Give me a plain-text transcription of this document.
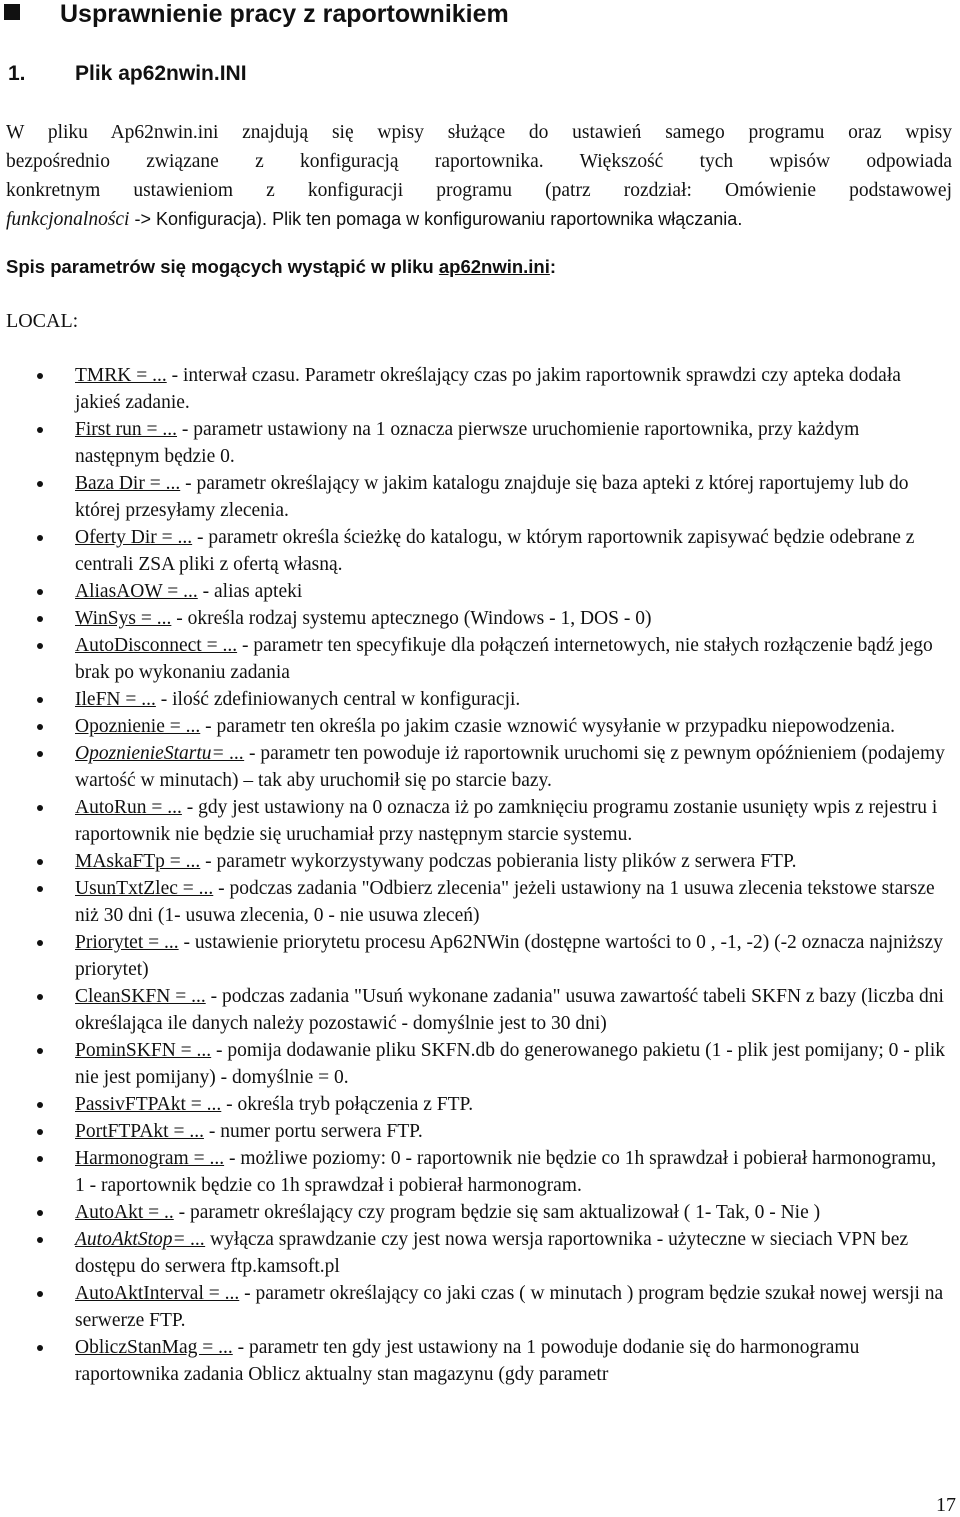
Usprawnienie pracy z raportownikiem
1. Plik ap62nwin.INI
W pliku Ap62nwin.ini znajdują się wpisy służące do ustawień samego programu oraz wpisy
bezpośrednio związane z konfiguracją raportownika. Większość tych wpisów odpowiada
konkretnym ustawieniom z konfiguracji programu (patrz rozdział: Omówienie podstawowej
funkcjonalności -> Konfiguracja). Plik ten pomaga w konfigurowaniu raportownika włączania.
Spis parametrów się mogących wystąpić w pliku ap62nwin.ini:
LOCAL:
TMRK = ... - interwał czasu. Parametr określający czas po jakim raportownik sprawdzi czy apteka dodała jakieś zadanie.
First run = ... - parametr ustawiony na 1 oznacza pierwsze uruchomienie raportownika, przy każdym następnym będzie 0.
Baza Dir = ... - parametr określający w jakim katalogu znajduje się baza apteki z której raportujemy lub do której przesyłamy zlecenia.
Oferty Dir = ... - parametr określa ścieżkę do katalogu, w którym raportownik zapisywać będzie odebrane z centrali ZSA pliki z ofertą własną.
AliasAOW = ... - alias apteki
WinSys = ... - określa rodzaj systemu aptecznego (Windows - 1, DOS - 0)
AutoDisconnect = ... - parametr ten specyfikuje dla połączeń internetowych, nie stałych rozłączenie bądź jego brak po wykonaniu zadania
IleFN = ... - ilość zdefiniowanych central w konfiguracji.
Opoznienie = ... - parametr ten określa po jakim czasie wznowić wysyłanie w przypadku niepowodzenia.
OpoznienieStartu= ... - parametr ten powoduje iż raportownik uruchomi się z pewnym opóźnieniem (podajemy wartość w minutach) – tak aby uruchomił się po starcie bazy.
AutoRun = ... - gdy jest ustawiony na 0 oznacza iż po zamknięciu programu zostanie usunięty wpis z rejestru i raportownik nie będzie się uruchamiał przy następnym starcie systemu.
MAskaFTp = ... - parametr wykorzystywany podczas pobierania listy plików z serwera FTP.
UsunTxtZlec = ... - podczas zadania "Odbierz zlecenia" jeżeli ustawiony na 1 usuwa zlecenia tekstowe starsze niż 30 dni (1- usuwa zlecenia, 0 - nie usuwa zleceń)
Priorytet = ... - ustawienie priorytetu procesu Ap62NWin (dostępne wartości to 0 , -1, -2) (-2 oznacza najniższy priorytet)
CleanSKFN = ... - podczas zadania "Usuń wykonane zadania" usuwa zawartość tabeli SKFN z bazy (liczba dni określająca ile danych należy pozostawić - domyślnie jest to 30 dni)
PominSKFN = ... - pomija dodawanie pliku SKFN.db do generowanego pakietu (1 - plik jest pomijany; 0 - plik nie jest pomijany) - domyślnie = 0.
PassivFTPAkt = ... - określa tryb połączenia z FTP.
PortFTPAkt = ... - numer portu serwera FTP.
Harmonogram = ... - możliwe poziomy: 0 - raportownik nie będzie co 1h sprawdzał i pobierał harmonogramu, 1 - raportownik będzie co 1h sprawdzał i pobierał harmonogram.
AutoAkt = .. - parametr określający czy program będzie się sam aktualizował ( 1- Tak, 0 - Nie )
AutoAktStop= ... wyłącza sprawdzanie czy jest nowa wersja raportownika - użyteczne w sieciach VPN bez dostępu do serwera ftp.kamsoft.pl
AutoAktInterval = ... - parametr określający co jaki czas ( w minutach ) program będzie szukał nowej wersji na serwerze FTP.
ObliczStanMag = ... - parametr ten gdy jest ustawiony na 1 powoduje dodanie się do harmonogramu raportownika zadania Oblicz aktualny stan magazynu (gdy parametr
17
